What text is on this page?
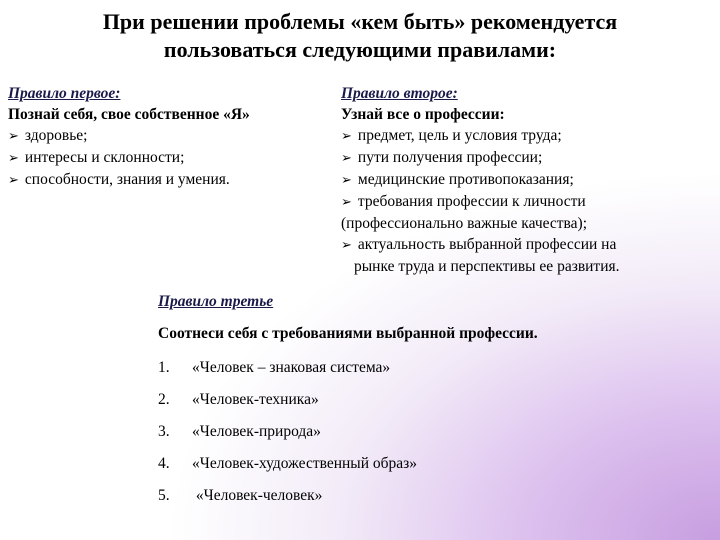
При решении проблемы «кем быть» рекомендуется пользоваться следующими правилами:
Правило первое:
Познай себя, свое собственное «Я»
➢ здоровье;
➢ интересы и склонности;
➢ способности, знания и умения.
Правило второе:
Узнай все о профессии:
➢ предмет, цель и условия труда;
➢ пути получения профессии;
➢ медицинские противопоказания;
➢ требования профессии к личности
(профессионально важные качества);
➢ актуальность выбранной профессии на
рынке труда и перспективы ее развития.
Правило третье
Соотнеси себя с требованиями выбранной профессии.
1.	«Человек – знаковая система»
2.	«Человек-техника»
3.	«Человек-природа»
4.	«Человек-художественный образ»
5.	«Человек-человек»
